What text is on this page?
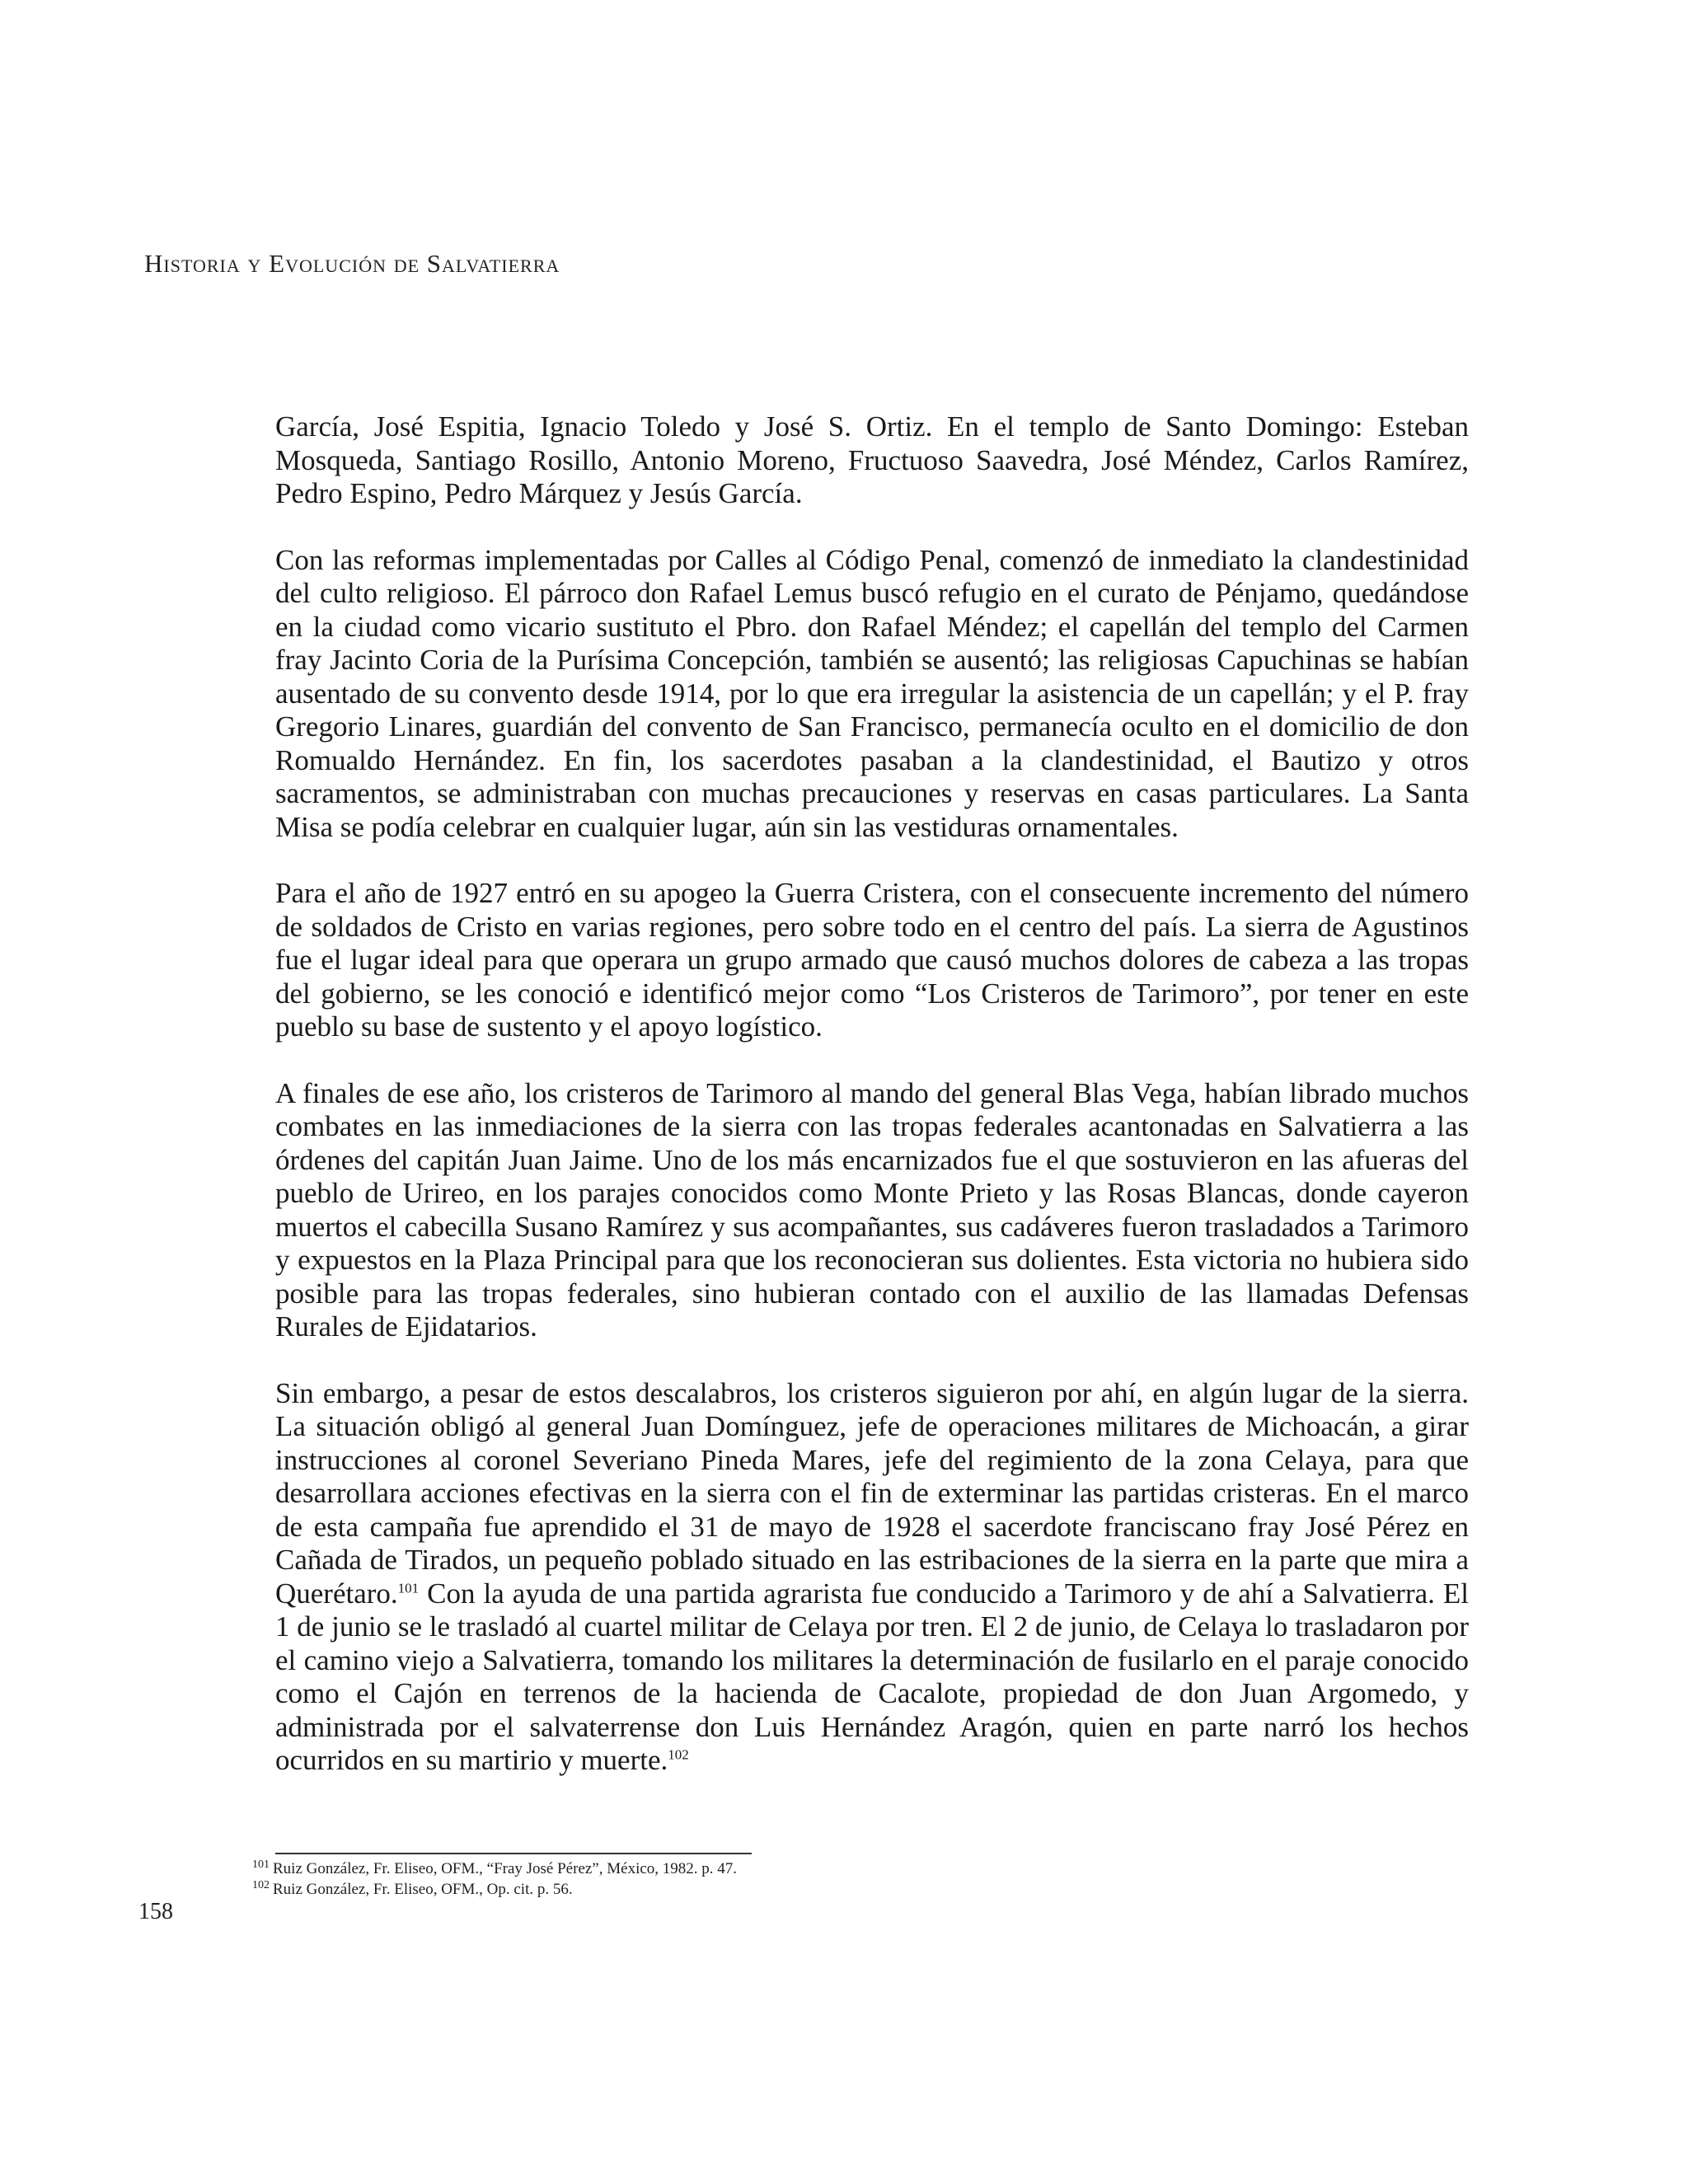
Historia y Evolución de Salvatierra

García, José Espitia, Ignacio Toledo y José S. Ortiz. En el templo de Santo Domingo: Esteban Mosqueda, Santiago Rosillo, Antonio Moreno, Fructuoso Saavedra, José Méndez, Carlos Ramírez, Pedro Espino, Pedro Márquez y Jesús García.

Con las reformas implementadas por Calles al Código Penal, comenzó de inmediato la clandestinidad del culto religioso. El párroco don Rafael Lemus buscó refugio en el curato de Pénjamo, quedándose en la ciudad como vicario sustituto el Pbro. don Rafael Méndez; el capellán del templo del Carmen fray Jacinto Coria de la Purísima Concepción, también se ausentó; las religiosas Capuchinas se habían ausentado de su convento desde 1914, por lo que era irregular la asistencia de un capellán; y el P. fray Gregorio Linares, guardián del convento de San Francisco, permanecía oculto en el domicilio de don Romualdo Hernández. En fin, los sacerdotes pasaban a la clandestinidad, el Bautizo y otros sacramentos, se administraban con muchas precauciones y reservas en casas particulares. La Santa Misa se podía celebrar en cualquier lugar, aún sin las vestiduras ornamentales.

Para el año de 1927 entró en su apogeo la Guerra Cristera, con el consecuente incremento del número de soldados de Cristo en varias regiones, pero sobre todo en el centro del país. La sierra de Agustinos fue el lugar ideal para que operara un grupo armado que causó muchos dolores de cabeza a las tropas del gobierno, se les conoció e identificó mejor como “Los Cristeros de Tarimoro”, por tener en este pueblo su base de sustento y el apoyo logístico.

A finales de ese año, los cristeros de Tarimoro al mando del general Blas Vega, habían librado muchos combates en las inmediaciones de la sierra con las tropas federales acantonadas en Salvatierra a las órdenes del capitán Juan Jaime. Uno de los más encarnizados fue el que sostuvieron en las afueras del pueblo de Urireo, en los parajes conocidos como Monte Prieto y las Rosas Blancas, donde cayeron muertos el cabecilla Susano Ramírez y sus acompañantes, sus cadáveres fueron trasladados a Tarimoro y expuestos en la Plaza Principal para que los reconocieran sus dolientes. Esta victoria no hubiera sido posible para las tropas federales, sino hubieran contado con el auxilio de las llamadas Defensas Rurales de Ejidatarios.

Sin embargo, a pesar de estos descalabros, los cristeros siguieron por ahí, en algún lugar de la sierra. La situación obligó al general Juan Domínguez, jefe de operaciones militares de Michoacán, a girar instrucciones al coronel Severiano Pineda Mares, jefe del regimiento de la zona Celaya, para que desarrollara acciones efectivas en la sierra con el fin de exterminar las partidas cristeras. En el marco de esta campaña fue aprendido el 31 de mayo de 1928 el sacerdote franciscano fray José Pérez en Cañada de Tirados, un pequeño poblado situado en las estribaciones de la sierra en la parte que mira a Querétaro.$^{101}$ Con la ayuda de una partida agrarista fue conducido a Tarimoro y de ahí a Salvatierra. El 1 de junio se le trasladó al cuartel militar de Celaya por tren. El 2 de junio, de Celaya lo trasladaron por el camino viejo a Salvatierra, tomando los militares la determinación de fusilarlo en el paraje conocido como el Cajón en terrenos de la hacienda de Cacalote, propiedad de don Juan Argomedo, y administrada por el salvaterrense don Luis Hernández Aragón, quien en parte narró los hechos ocurridos en su martirio y muerte.$^{102}$

$^{101}$ Ruiz González, Fr. Eliseo, OFM., “Fray José Pérez”, México, 1982. p. 47.
$^{102}$ Ruiz González, Fr. Eliseo, OFM., Op. cit. p. 56.
158
